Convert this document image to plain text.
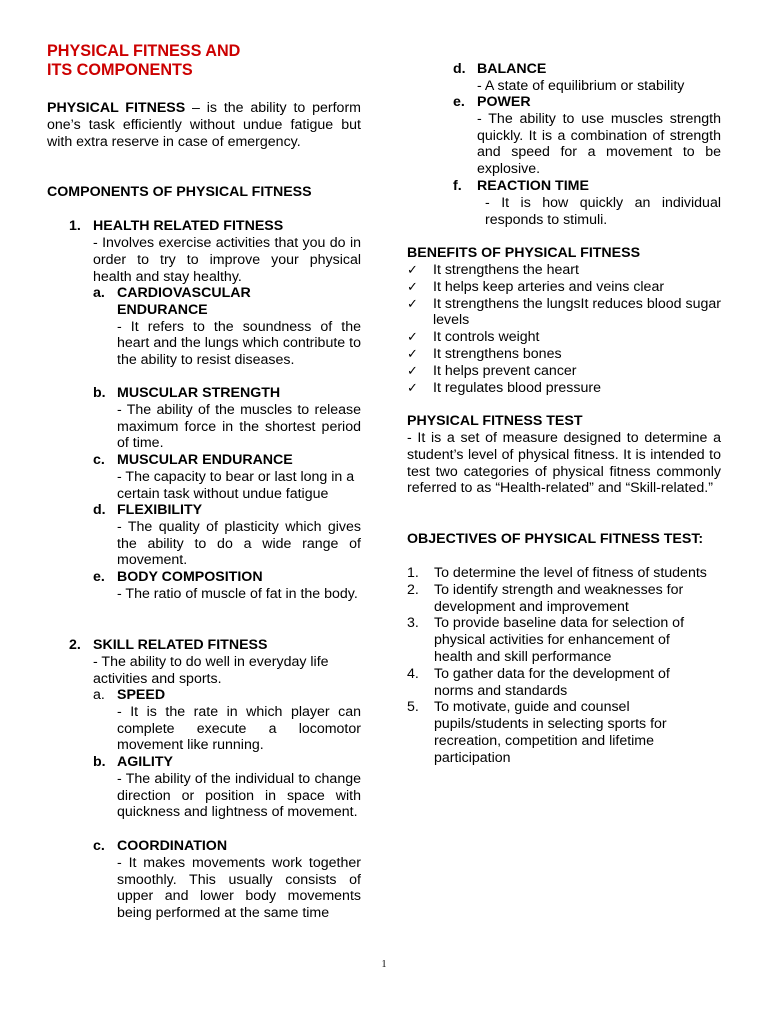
PHYSICAL FITNESS AND
ITS COMPONENTS
PHYSICAL FITNESS – is the ability to perform one’s task efficiently without undue fatigue but with extra reserve in case of emergency.
COMPONENTS OF PHYSICAL FITNESS
1. HEALTH RELATED FITNESS
- Involves exercise activities that you do in order to try to improve your physical health and stay healthy.
a. CARDIOVASCULAR ENDURANCE
- It refers to the soundness of the heart and the lungs which contribute to the ability to resist diseases.
b. MUSCULAR STRENGTH
- The ability of the muscles to release maximum force in the shortest period of time.
c. MUSCULAR ENDURANCE
- The capacity to bear or last long in a certain task without undue fatigue
d. FLEXIBILITY
- The quality of plasticity which gives the ability to do a wide range of movement.
e. BODY COMPOSITION
- The ratio of muscle of fat in the body.
2. SKILL RELATED FITNESS
- The ability to do well in everyday life activities and sports.
a. SPEED
- It is the rate in which player can complete execute a locomotor movement like running.
b. AGILITY
- The ability of the individual to change direction or position in space with quickness and lightness of movement.
c. COORDINATION
- It makes movements work together smoothly. This usually consists of upper and lower body movements being performed at the same time
d. BALANCE
- A state of equilibrium or stability
e. POWER
- The ability to use muscles strength quickly. It is a combination of strength and speed for a movement to be explosive.
f.	REACTION TIME
- It is how quickly an individual responds to stimuli.
BENEFITS OF PHYSICAL FITNESS
✓	It strengthens the heart
✓	It helps keep arteries and veins clear
✓	It strengthens the lungsIt reduces blood sugar levels
✓	It controls weight
✓	It strengthens bones
✓	It helps prevent cancer
✓	It regulates blood pressure
PHYSICAL FITNESS TEST
- It is a set of measure designed to determine a student’s level of physical fitness. It is intended to test two categories of physical fitness commonly referred to as “Health-related” and “Skill-related.”
OBJECTIVES OF PHYSICAL FITNESS TEST:
1.	To determine the level of fitness of students
2.	To identify strength and weaknesses for development and improvement
3.	To provide baseline data for selection of physical activities for enhancement of health and skill performance
4.	To gather data for the development of norms and standards
5.	To motivate, guide and counsel pupils/students in selecting sports for recreation, competition and lifetime participation
1
